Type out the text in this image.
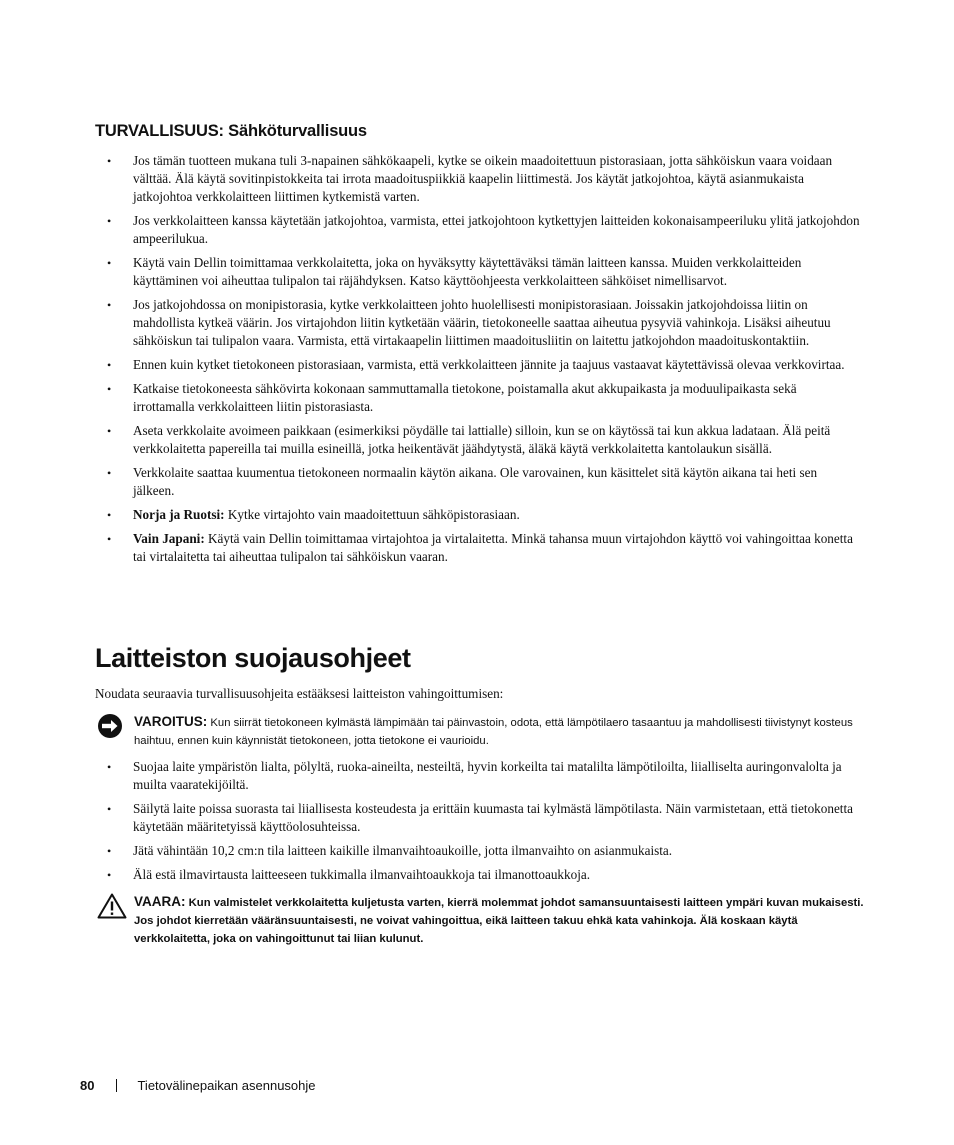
TURVALLISUUS: Sähköturvallisuus
• Jos tämän tuotteen mukana tuli 3-napainen sähkökaapeli, kytke se oikein maadoitettuun pistorasiaan, jotta sähköiskun vaara voidaan välttää. Älä käytä sovitinpistokkeita tai irrota maadoituspiikkiä kaapelin liittimestä. Jos käytät jatkojohtoa, käytä asianmukaista jatkojohtoa verkkolaitteen liittimen kytkemistä varten.
• Jos verkkolaitteen kanssa käytetään jatkojohtoa, varmista, ettei jatkojohtoon kytkettyjen laitteiden kokonaisampeeriluku ylitä jatkojohdon ampeerilukua.
• Käytä vain Dellin toimittamaa verkkolaitetta, joka on hyväksytty käytettäväksi tämän laitteen kanssa. Muiden verkkolaitteiden käyttäminen voi aiheuttaa tulipalon tai räjähdyksen. Katso käyttöohjeesta verkkolaitteen sähköiset nimellisarvot.
• Jos jatkojohdossa on monipistorasia, kytke verkkolaitteen johto huolellisesti monipistorasiaan. Joissakin jatkojohdoissa liitin on mahdollista kytkeä väärin. Jos virtajohdon liitin kytketään väärin, tietokoneelle saattaa aiheutua pysyviä vahinkoja. Lisäksi aiheutuu sähköiskun tai tulipalon vaara. Varmista, että virtakaapelin liittimen maadoitusliitin on laitettu jatkojohdon maadoituskontaktiin.
• Ennen kuin kytket tietokoneen pistorasiaan, varmista, että verkkolaitteen jännite ja taajuus vastaavat käytettävissä olevaa verkkovirtaa.
• Katkaise tietokoneesta sähkövirta kokonaan sammuttamalla tietokone, poistamalla akut akkupaikasta ja moduulipaikasta sekä irrottamalla verkkolaitteen liitin pistorasiasta.
• Aseta verkkolaite avoimeen paikkaan (esimerkiksi pöydälle tai lattialle) silloin, kun se on käytössä tai kun akkua ladataan. Älä peitä verkkolaitetta papereilla tai muilla esineillä, jotka heikentävät jäähdytystä, äläkä käytä verkkolaitetta kantolaukun sisällä.
• Verkkolaite saattaa kuumentua tietokoneen normaalin käytön aikana. Ole varovainen, kun käsittelet sitä käytön aikana tai heti sen jälkeen.
• Norja ja Ruotsi: Kytke virtajohto vain maadoitettuun sähköpistorasiaan.
• Vain Japani: Käytä vain Dellin toimittamaa virtajohtoa ja virtalaitetta. Minkä tahansa muun virtajohdon käyttö voi vahingoittaa konetta tai virtalaitetta tai aiheuttaa tulipalon tai sähköiskun vaaran.
Laitteiston suojausohjeet

Noudata seuraavia turvallisuusohjeita estääksesi laitteiston vahingoittumisen:

VAROITUS: Kun siirrät tietokoneen kylmästä lämpimään tai päinvastoin, odota, että lämpötilaero tasaantuu ja mahdollisesti tiivistynyt kosteus haihtuu, ennen kuin käynnistät tietokoneen, jotta tietokone ei vaurioidu.
• Suojaa laite ympäristön lialta, pölyltä, ruoka-aineilta, nesteiltä, hyvin korkeilta tai matalilta lämpötiloilta, liialliselta auringonvalolta ja muilta vaaratekijöiltä.
• Säilytä laite poissa suorasta tai liiallisesta kosteudesta ja erittäin kuumasta tai kylmästä lämpötilasta. Näin varmistetaan, että tietokonetta käytetään määritetyissä käyttöolosuhteissa.
• Jätä vähintään 10,2 cm:n tila laitteen kaikille ilmanvaihtoaukoille, jotta ilmanvaihto on asianmukaista.
• Älä estä ilmavirtausta laitteeseen tukkimalla ilmanvaihtoaukkoja tai ilmanottoaukkoja.
VAARA: Kun valmistelet verkkolaitetta kuljetusta varten, kierrä molemmat johdot samansuuntaisesti laitteen ympäri kuvan mukaisesti. Jos johdot kierretään vääränsuuntaisesti, ne voivat vahingoittua, eikä laitteen takuu ehkä kata vahinkoja. Älä koskaan käytä verkkolaitetta, joka on vahingoittunut tai liian kulunut.
80	Tietovälinepaikan asennusohje
